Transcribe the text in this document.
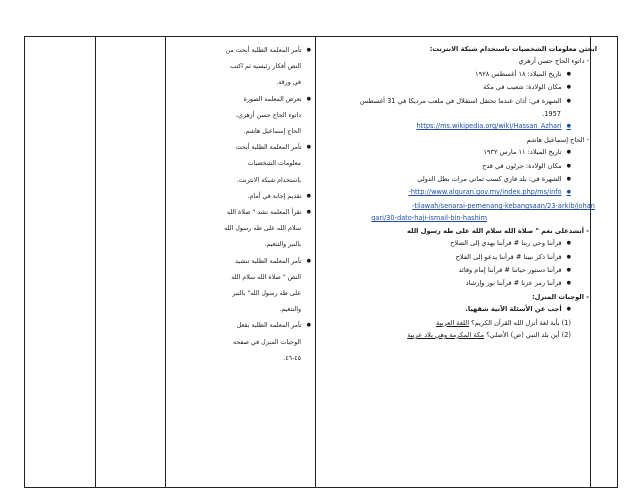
ابحثن معلومات الشخصيات باستخدام شبكة الانترنت:
- داتوء الحاج حسن أزهري
● تاريخ الميلاد: ١٨ أغسطس ١٩٢٨
● مكان الولادة: شعيب في مكة
● الشهرة في: أذان عندما تحتفل استقلال في ملعب مرديكا في 31 أغسطس
1957.
● https://ms.wikipedia.org/wiki/Hassan_Azhari
- الحاج إسماعيل هاشم
● تاريخ الميلاد: ١١ مارس ١٩٣٢
● مكان الولادة: جرلون في قدح
● الشهرة في: بلد قاري كسب ثماني مرات بطل الدولي
● http://www.alquran.gov.my/index.php/ms/info-
tilawah/senarai-pemenang-kebangsaan/23-arkib/johan-
qari/30-dato-haji-ismail-bin-hashim
- أنشدعلى نغم " صلاة الله سلام الله على طه رسول الله
● قرآننا وحي ربنا # قرآننا يهدي إلى الصلاح
● قرآننا ذكر نبينا # قرآننا يدعو إلى الفلاح
● قرآننا دستور حياتنا # قرآننا إمام وقائد
● قرآننا رمز عزنا # قرآننا نور وإرشاد
- الوجبات المنزل:
● أجب عن الأسئلة الآتية شفهيا.
(1) بأية لغة أنزل الله القرآن الكريم؟ اللغة العربية
(2) أين بلد النبي (ص) الأصلي؟ مكة المكرمة وهي بلاد عربية
● تأمر المعلمة الطلبة أبحث من
النص أفكار رئيسية ثم اكتب
في ورقة.
● تعرض المعلمة الصورة
داتوء الحاج حسن أزهري،
الحاج إسماعيل هاشم.
● تأمر المعلمة الطلبة أبحث
معلومات الشخصيات
باستخدام شبكة الانترنت.
● تقديم إجابة في أمام.
● تقرأ المعلمة نشد " صلاة الله
سلام الله على طه رسول الله
بالنبر والتنغيم.
● تأمر المعلمة الطلبة تنشيد
النص " صلاة الله سلام الله
على طه رسول الله" بالنبر
والتنغيم.
● تأمر المعلمة الطلبة بفعل
الوجبات المنزل في صفحة
٤٥-٤٦.
